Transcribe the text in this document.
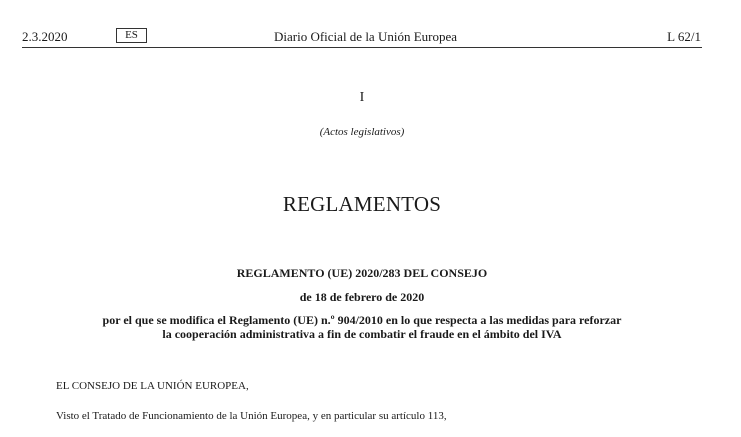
2.3.2020	ES	Diario Oficial de la Unión Europea	L 62/1
I
(Actos legislativos)
REGLAMENTOS
REGLAMENTO (UE) 2020/283 DEL CONSEJO
de 18 de febrero de 2020
por el que se modifica el Reglamento (UE) n.º 904/2010 en lo que respecta a las medidas para reforzar
la cooperación administrativa a fin de combatir el fraude en el ámbito del IVA
EL CONSEJO DE LA UNIÓN EUROPEA,
Visto el Tratado de Funcionamiento de la Unión Europea, y en particular su artículo 113,
